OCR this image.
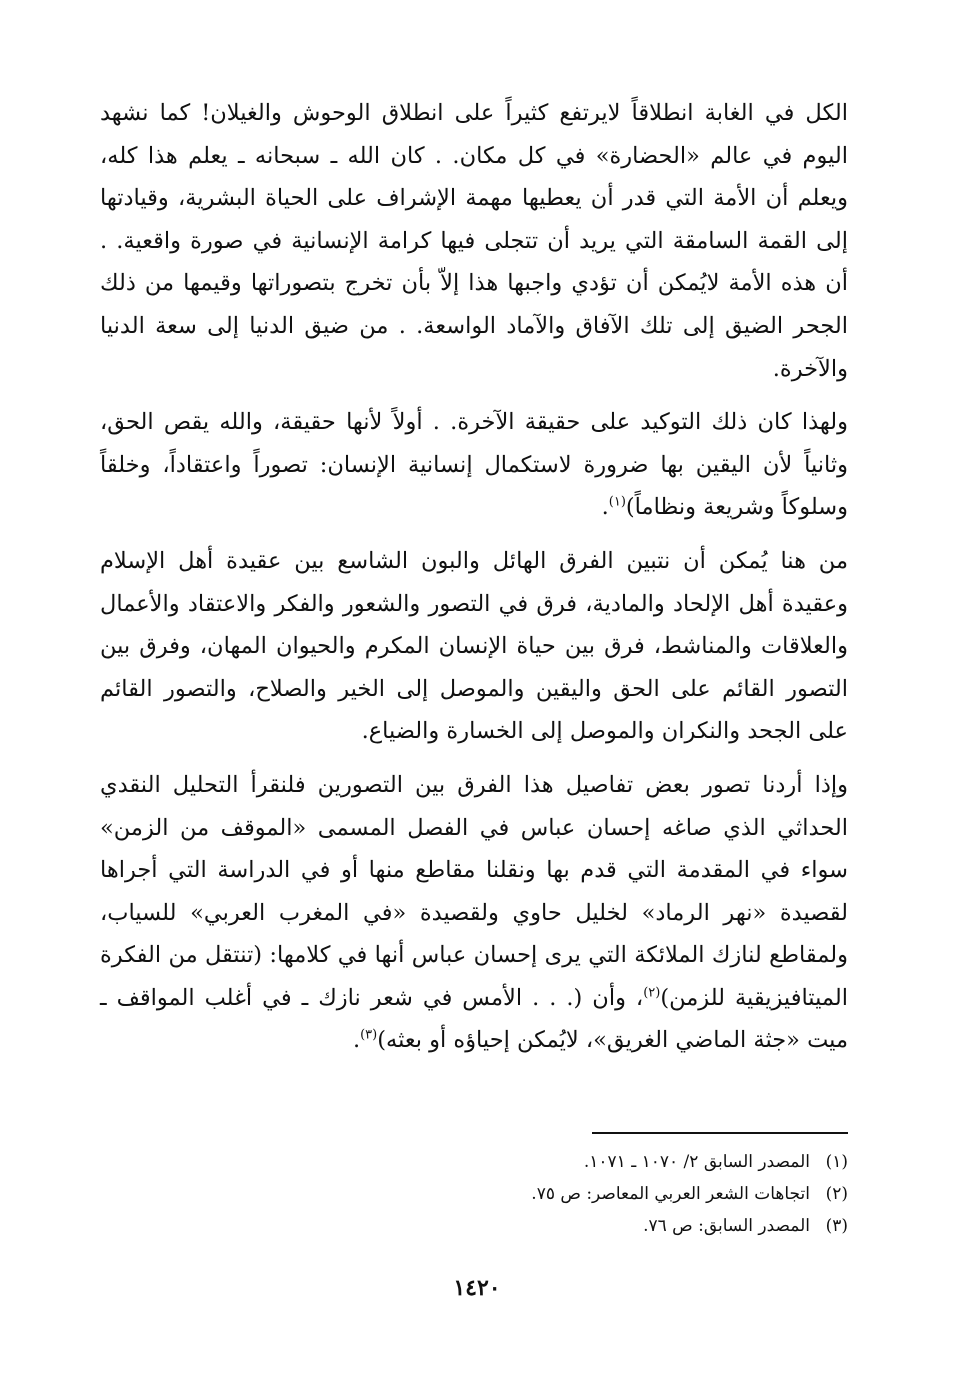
الكل في الغابة انطلاقاً لايرتفع كثيراً على انطلاق الوحوش والغيلان! كما نشهد اليوم في عالم «الحضارة» في كل مكان. . كان الله ـ سبحانه ـ يعلم هذا كله، ويعلم أن الأمة التي قدر أن يعطيها مهمة الإشراف على الحياة البشرية، وقيادتها إلى القمة السامقة التي يريد أن تتجلى فيها كرامة الإنسانية في صورة واقعية. . أن هذه الأمة لايُمكن أن تؤدي واجبها هذا إلاّ بأن تخرج بتصوراتها وقيمها من ذلك الجحر الضيق إلى تلك الآفاق والآماد الواسعة. . من ضيق الدنيا إلى سعة الدنيا والآخرة.

ولهذا كان ذلك التوكيد على حقيقة الآخرة. . أولاً لأنها حقيقة، والله يقص الحق، وثانياً لأن اليقين بها ضرورة لاستكمال إنسانية الإنسان: تصوراً واعتقاداً، وخلقاً وسلوكاً وشريعة ونظاماً)$^{(١)}$.

من هنا يُمكن أن نتبين الفرق الهائل والبون الشاسع بين عقيدة أهل الإسلام وعقيدة أهل الإلحاد والمادية، فرق في التصور والشعور والفكر والاعتقاد والأعمال والعلاقات والمناشط، فرق بين حياة الإنسان المكرم والحيوان المهان، وفرق بين التصور القائم على الحق واليقين والموصل إلى الخير والصلاح، والتصور القائم على الجحد والنكران والموصل إلى الخسارة والضياع.

وإذا أردنا تصور بعض تفاصيل هذا الفرق بين التصورين فلنقرأ التحليل النقدي الحداثي الذي صاغه إحسان عباس في الفصل المسمى «الموقف من الزمن» سواء في المقدمة التي قدم بها ونقلنا مقاطع منها أو في الدراسة التي أجراها لقصيدة «نهر الرماد» لخليل حاوي ولقصيدة «في المغرب العربي» للسياب، ولمقاطع لنازك الملائكة التي يرى إحسان عباس أنها في كلامها: (تنتقل من الفكرة الميتافيزيقية للزمن)$^{(٢)}$، وأن (. . . الأمس في شعر نازك ـ في أغلب المواقف ـ ميت «جثة الماضي الغريق»، لايُمكن إحياؤه أو بعثه)$^{(٣)}$.

(١)المصدر السابق ٢/ ١٠٧٠ ـ ١٠٧١.
(٢)اتجاهات الشعر العربي المعاصر: ص ٧٥.
(٣)المصدر السابق: ص ٧٦.
١٤٢٠
